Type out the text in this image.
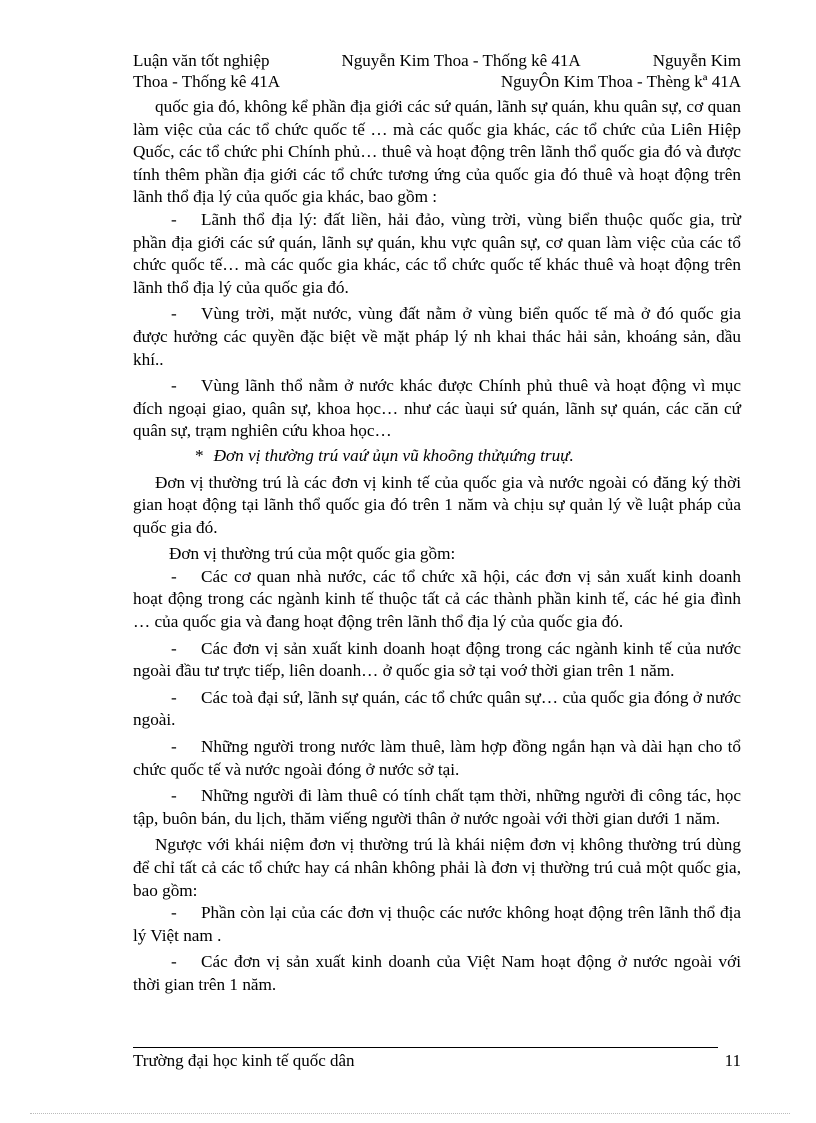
Luận văn tốt nghiệp	Nguyễn Kim Thoa - Thống kê 41A	Nguyễn Kim
Thoa - Thống kê 41A	NguyÔn Kim Thoa - Thèng kª 41A

quốc gia đó, không kể phần địa giới các sứ quán, lãnh sự quán, khu quân sự, cơ quan làm việc của các tổ chức quốc tế … mà các quốc gia khác, các tổ chức của Liên Hiệp Quốc, các tổ chức phi Chính phủ… thuê và hoạt động trên lãnh thổ quốc gia đó và được tính thêm phần địa giới các tổ chức tương ứng của quốc gia đó thuê và hoạt động trên lãnh thổ địa lý của quốc gia khác, bao gồm :

- Lãnh thổ địa lý: đất liền, hải đảo, vùng trời, vùng biển thuộc quốc gia, trừ phần địa giới các sứ quán, lãnh sự quán, khu vực quân sự, cơ quan làm việc của các tổ chức quốc tế… mà các quốc gia khác, các tổ chức quốc tế khác thuê và hoạt động trên lãnh thổ địa lý của quốc gia đó.

- Vùng trời, mặt nước, vùng đất nằm ở vùng biển quốc tế mà ở đó quốc gia được hưởng các quyền đặc biệt về mặt pháp lý nh khai thác hải sản, khoáng sản, dầu khí..

- Vùng lãnh thổ nằm ở nước khác được Chính phủ thuê và hoạt động vì mục đích ngoại giao, quân sự, khoa học… như các ùaụi sứ quán, lãnh sự quán, các căn cứ quân sự, trạm nghiên cứu khoa học…

* Đơn vị thường trú vaứ ủụn vũ khoõng thửụứng truự.

Đơn vị thường trú là các đơn vị kinh tế của quốc gia và nước ngoài có đăng ký thời gian hoạt động tại lãnh thổ quốc gia đó trên 1 năm và chịu sự quản lý về luật pháp của quốc gia đó.

Đơn vị thường trú của một quốc gia gồm:

- Các cơ quan nhà nước, các tổ chức xã hội, các đơn vị sản xuất kinh doanh hoạt động trong các ngành kinh tế thuộc tất cả các thành phần kinh tế, các hé gia đình … của quốc gia và đang hoạt động trên lãnh thổ địa lý của quốc gia đó.

- Các đơn vị sản xuất kinh doanh hoạt động trong các ngành kinh tế của nước ngoài đầu tư trực tiếp, liên doanh… ở quốc gia sở tại voớ thời gian trên 1 năm.

- Các toà đại sứ, lãnh sự quán, các tổ chức quân sự… của quốc gia đóng ở nước ngoài.

- Những người trong nước làm thuê, làm hợp đồng ngắn hạn và dài hạn cho tổ chức quốc tế và nước ngoài đóng ở nước sở tại.

- Những người đi làm thuê có tính chất tạm thời, những người đi công tác, học tập, buôn bán, du lịch, thăm viếng người thân ở nước ngoài với thời gian dưới 1 năm.

Ngược với khái niệm đơn vị thường trú là khái niệm đơn vị không thường trú dùng để chỉ tất cả các tổ chức hay cá nhân không phải là đơn vị thường trú cuả một quốc gia, bao gồm:

- Phần còn lại của các đơn vị thuộc các nước không hoạt động trên lãnh thổ địa lý Việt nam .

- Các đơn vị sản xuất kinh doanh của Việt Nam hoạt động ở nước ngoài với thời gian trên 1 năm.

Trường đại học kinh tế quốc dân	11
